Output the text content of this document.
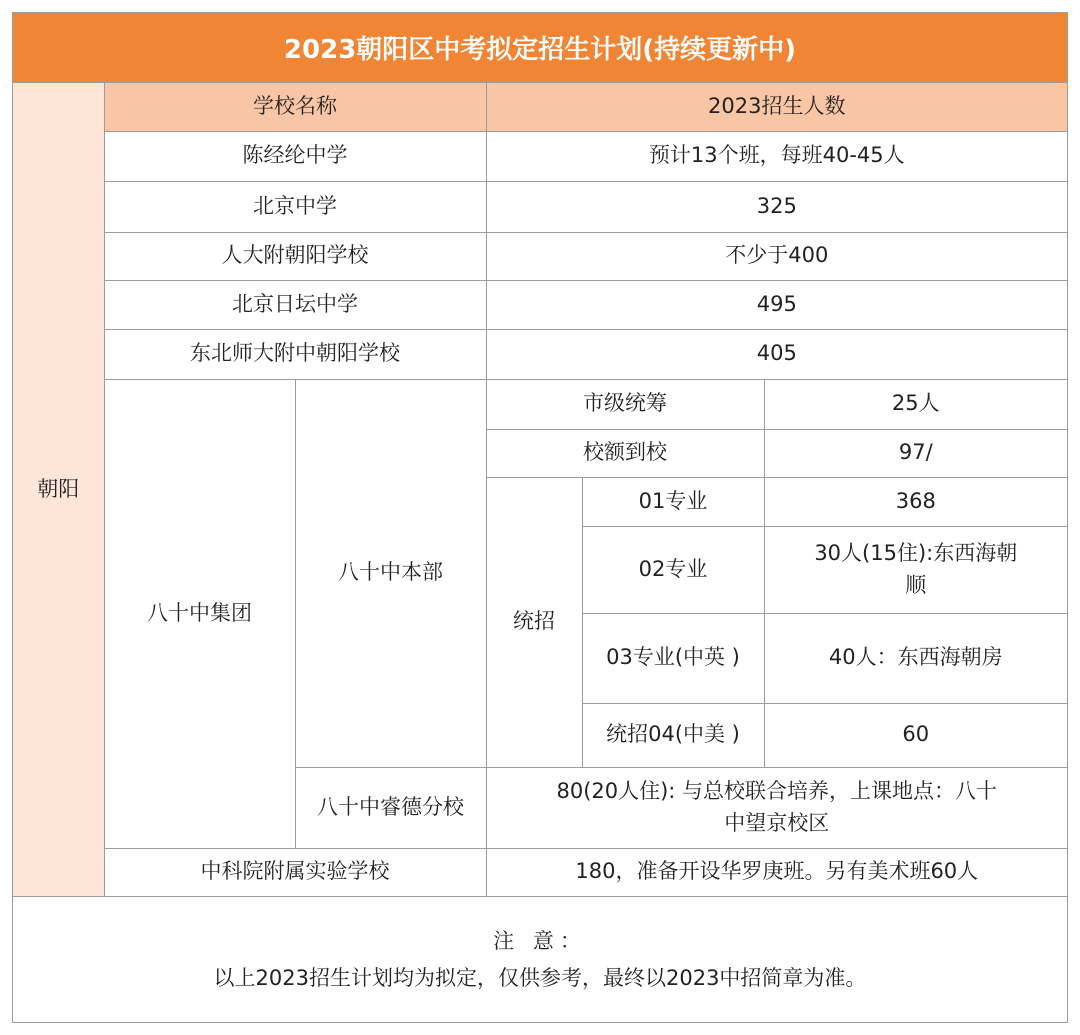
2023朝阳区中考拟定招生计划(持续更新中)
朝阳	学校名称		2023招生人数		
	陈经纶中学		预计13个班，每班40-45人		
	北京中学		325		
	人大附朝阳学校		不少于400		
	北京日坛中学		495		
	东北师大附中朝阳学校		405		
	八十中集团	八十中本部	市级统筹		25人
			校额到校		97/
			统招	01专业	368
				02专业	30人(15住):东西海朝顺
				03专业(中英 )	40人：东西海朝房
				统招04(中美 )	60

		八十中睿德分校	80(20人住): 与总校联合培养，上课地点：八十中望京校区		

	中科院附属实验学校		180，准备开设华罗庚班。另有美术班60人		
注 意：
以上2023招生计划均为拟定，仅供参考，最终以2023中招简章为准。
